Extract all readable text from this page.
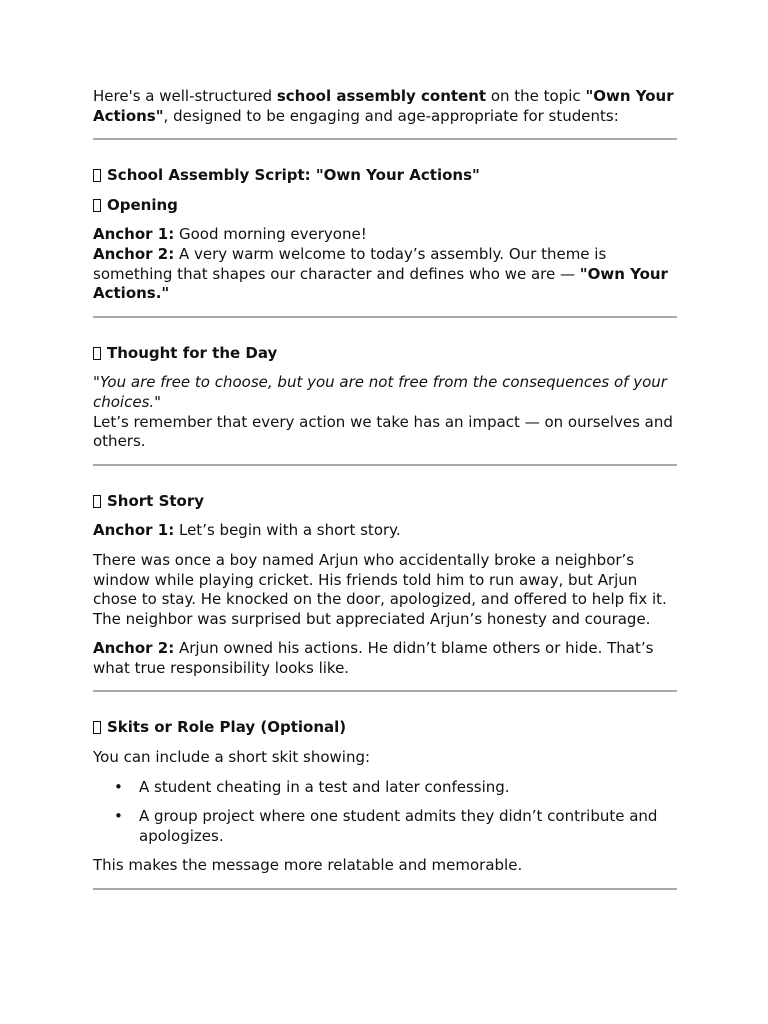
Here's a well-structured school assembly content on the topic "Own Your Actions", designed to be engaging and age-appropriate for students:

School Assembly Script: "Own Your Actions"

Opening

Anchor 1: Good morning everyone!

Anchor 2: A very warm welcome to today’s assembly. Our theme is something that shapes our character and defines who we are — "Own Your Actions."

Thought for the Day

"You are free to choose, but you are not free from the consequences of your choices."

Let’s remember that every action we take has an impact — on ourselves and others.

Short Story

Anchor 1: Let’s begin with a short story.

There was once a boy named Arjun who accidentally broke a neighbor’s window while playing cricket. His friends told him to run away, but Arjun chose to stay. He knocked on the door, apologized, and offered to help fix it. The neighbor was surprised but appreciated Arjun’s honesty and courage.

Anchor 2: Arjun owned his actions. He didn’t blame others or hide. That’s what true responsibility looks like.

Skits or Role Play (Optional)

You can include a short skit showing:

• A student cheating in a test and later confessing.
• A group project where one student admits they didn’t contribute and apologizes.

This makes the message more relatable and memorable.
